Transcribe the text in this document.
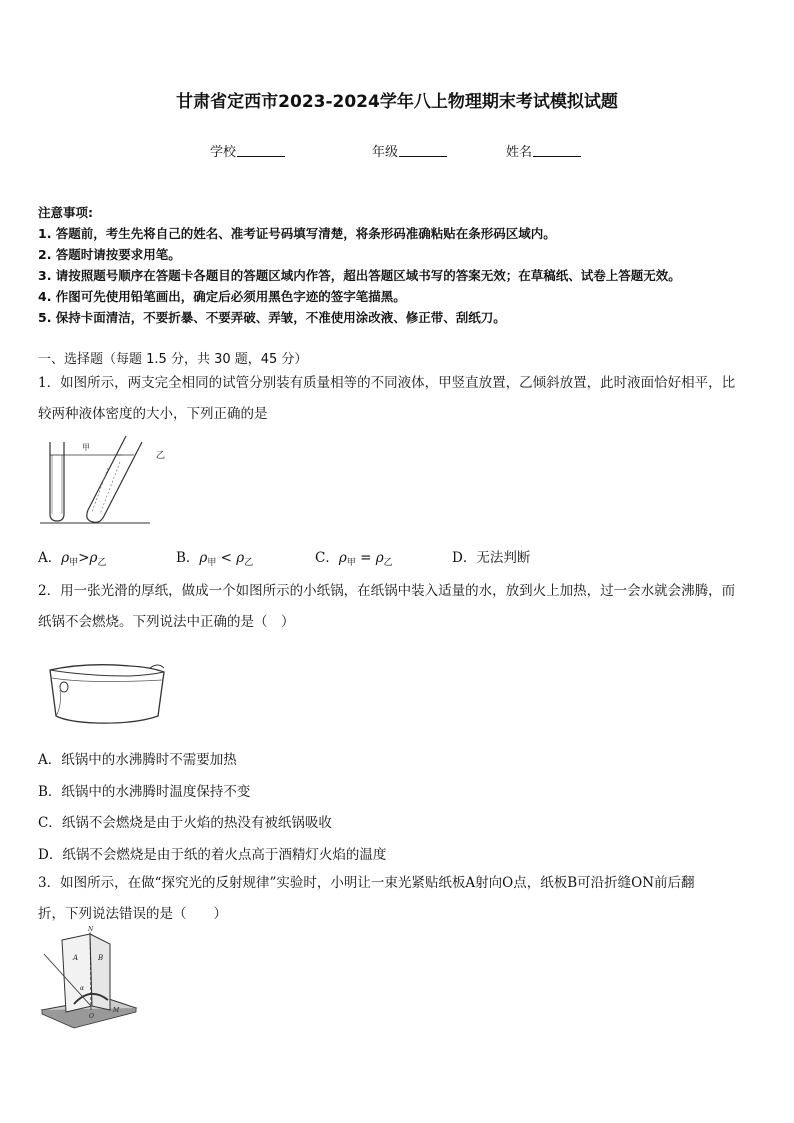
甘肃省定西市2023-2024学年八上物理期末考试模拟试题
学校	年级	姓名
注意事项:
1. 答题前，考生先将自己的姓名、准考证号码填写清楚，将条形码准确粘贴在条形码区域内。
2. 答题时请按要求用笔。
3. 请按照题号顺序在答题卡各题目的答题区域内作答，超出答题区域书写的答案无效；在草稿纸、试卷上答题无效。
4. 作图可先使用铅笔画出，确定后必须用黑色字迹的签字笔描黑。
5. 保持卡面清洁，不要折暴、不要弄破、弄皱，不准使用涂改液、修正带、刮纸刀。
一、选择题（每题 1.5 分，共 30 题，45 分）
1．如图所示，两支完全相同的试管分别装有质量相等的不同液体，甲竖直放置，乙倾斜放置，此时液面恰好相平，比
较两种液体密度的大小，下列正确的是
甲
乙
A．$\rho_甲>\rho_乙$	B．$\rho_甲 < \rho_乙$	C．$\rho_甲 = \rho_乙$	D．无法判断
2．用一张光滑的厚纸，做成一个如图所示的小纸锅，在纸锅中装入适量的水，放到火上加热，过一会水就会沸腾，而
纸锅不会燃烧。下列说法中正确的是（　）
A．纸锅中的水沸腾时不需要加热
B．纸锅中的水沸腾时温度保持不变
C．纸锅不会燃烧是由于火焰的热没有被纸锅吸收
D．纸锅不会燃烧是由于纸的着火点高于酒精灯火焰的温度
3．如图所示，在做“探究光的反射规律”实验时，小明让一束光紧贴纸板A射向O点，纸板B可沿折缝ON前后翻
折，下列说法错误的是（　　）
N
A	B
α
O
M
